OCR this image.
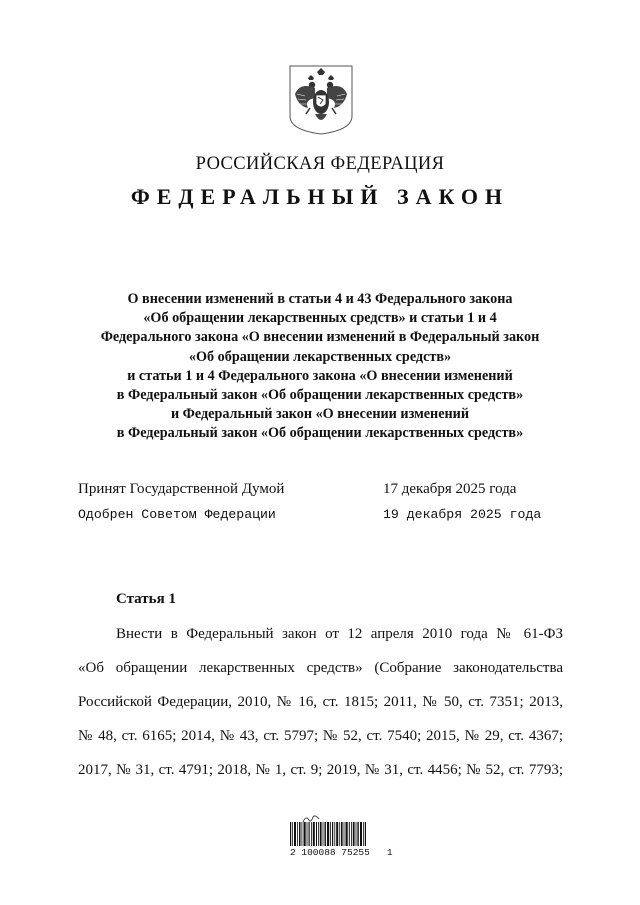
РОССИЙСКАЯ ФЕДЕРАЦИЯ
ФЕДЕРАЛЬНЫЙ ЗАКОН
О внесении изменений в статьи 4 и 43 Федерального закона
«Об обращении лекарственных средств» и статьи 1 и 4
Федерального закона «О внесении изменений в Федеральный закон
«Об обращении лекарственных средств»
и статьи 1 и 4 Федерального закона «О внесении изменений
в Федеральный закон «Об обращении лекарственных средств»
и Федеральный закон «О внесении изменений
в Федеральный закон «Об обращении лекарственных средств»
Принят Государственной Думой	17 декабря 2025 года
Одобрен Советом Федерации	19 декабря 2025 года
Статья 1
Внести в Федеральный закон от 12 апреля 2010 года № 61-ФЗ
«Об обращении лекарственных средств» (Собрание законодательства
Российской Федерации, 2010, № 16, ст. 1815; 2011, № 50, ст. 7351; 2013,
№ 48, ст. 6165; 2014, № 43, ст. 5797; № 52, ст. 7540; 2015, № 29, ст. 4367;
2017, № 31, ст. 4791; 2018, № 1, ст. 9; 2019, № 31, ст. 4456; № 52, ст. 7793;
2 100088 75255   1
